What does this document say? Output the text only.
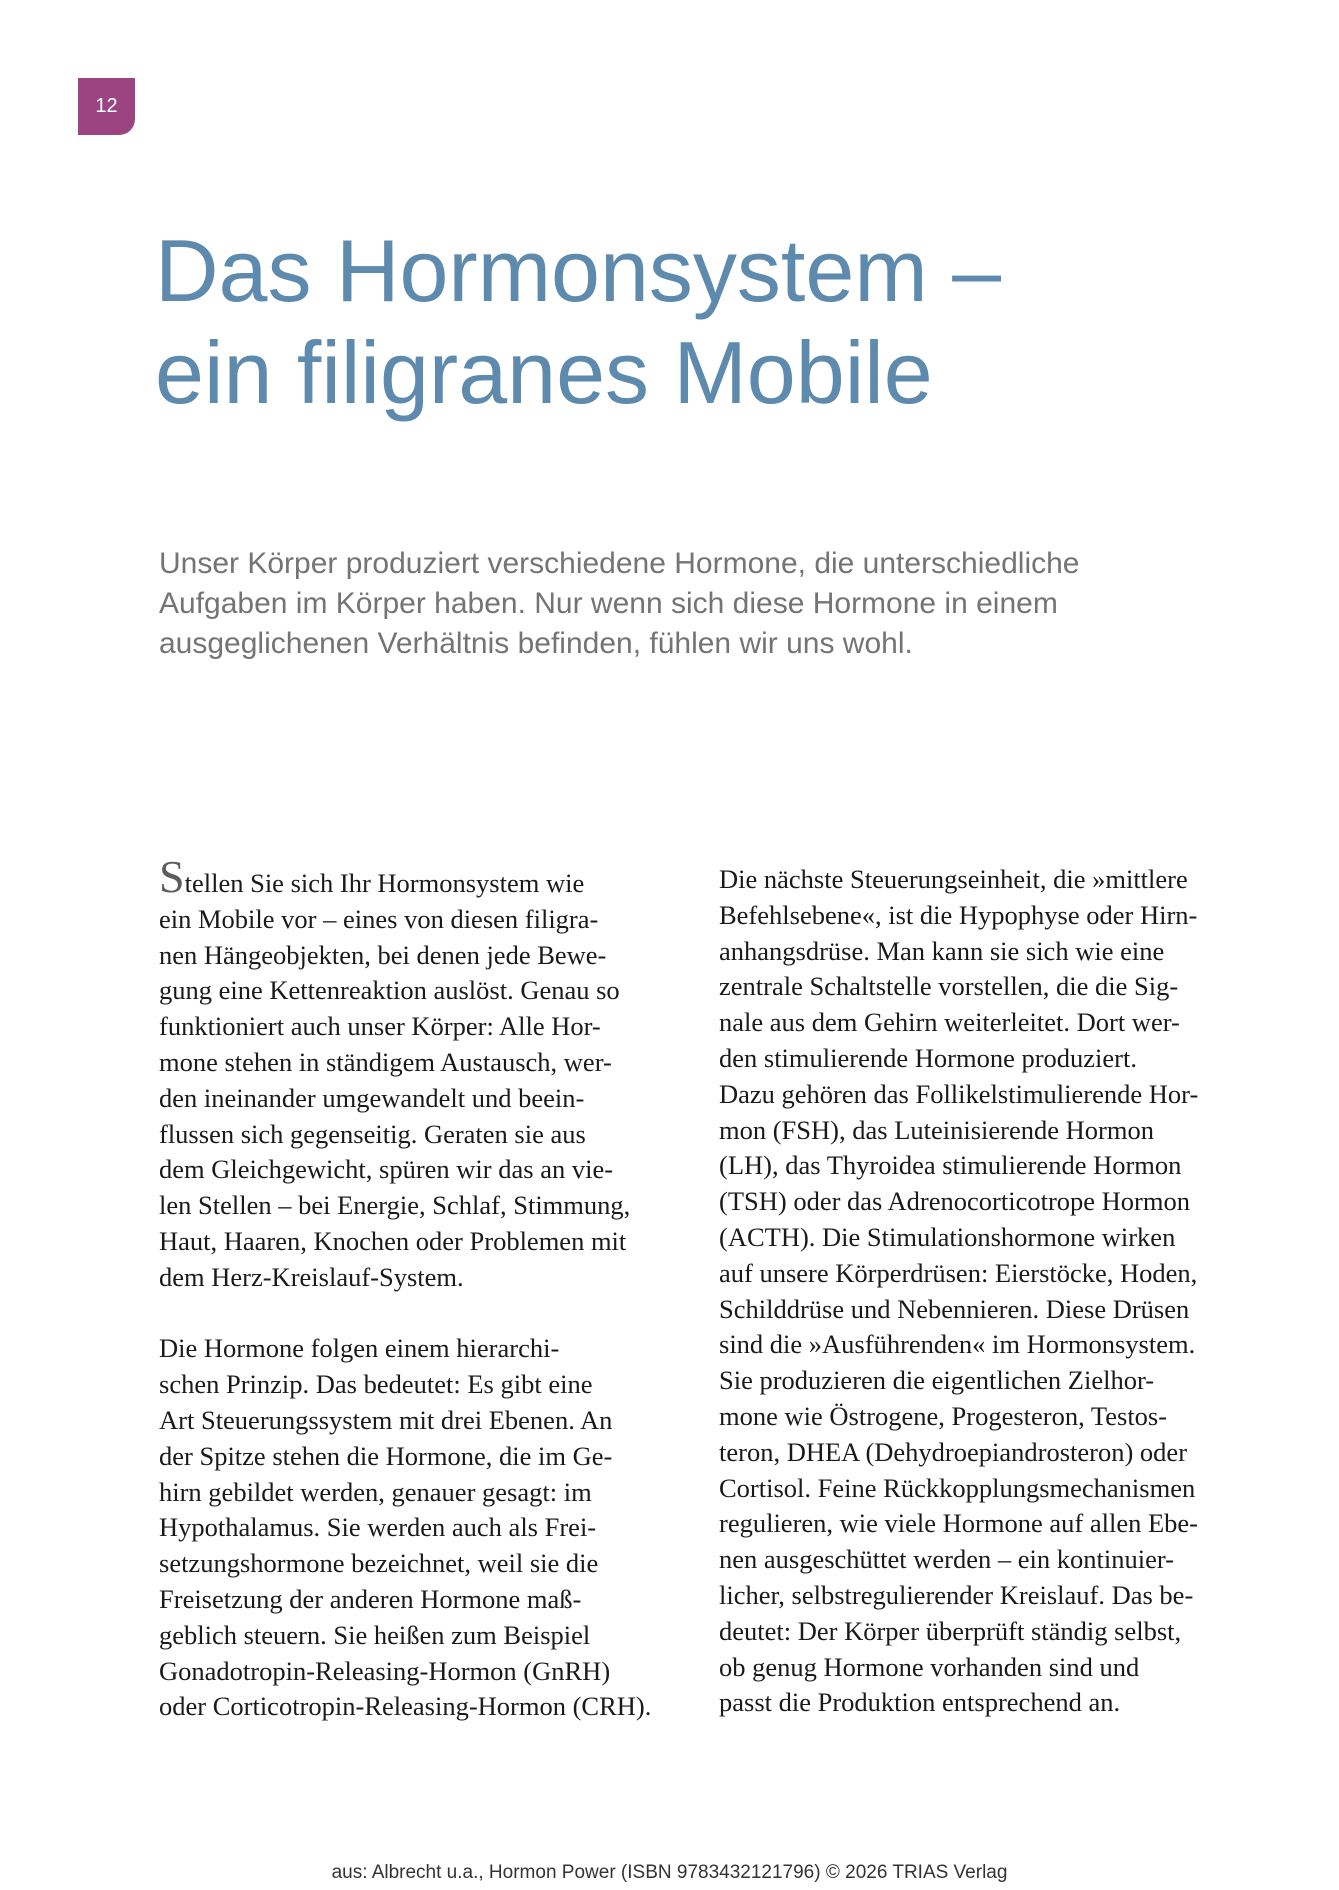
12
Das Hormonsystem –
ein filigranes Mobile

Unser Körper produziert verschiedene Hormone, die unterschiedliche
Aufgaben im Körper haben. Nur wenn sich diese Hormone in einem
ausgeglichenen Verhältnis befinden, fühlen wir uns wohl.

Stellen Sie sich Ihr Hormonsystem wie
ein Mobile vor – eines von diesen filigra-
nen Hängeobjekten, bei denen jede Bewe-
gung eine Kettenreaktion auslöst. Genau so
funktioniert auch unser Körper: Alle Hor-
mone stehen in ständigem Austausch, wer-
den ineinander umgewandelt und beein-
flussen sich gegenseitig. Geraten sie aus
dem Gleichgewicht, spüren wir das an vie-
len Stellen – bei Energie, Schlaf, Stimmung,
Haut, Haaren, Knochen oder Problemen mit
dem Herz-Kreislauf-System.
Die Hormone folgen einem hierarchi-
schen Prinzip. Das bedeutet: Es gibt eine
Art Steuerungssystem mit drei Ebenen. An
der Spitze stehen die Hormone, die im Ge-
hirn gebildet werden, genauer gesagt: im
Hypothalamus. Sie werden auch als Frei-
setzungshormone bezeichnet, weil sie die
Freisetzung der anderen Hormone maß-
geblich steuern. Sie heißen zum Beispiel
Gonadotropin-Releasing-Hormon (GnRH)
oder Corticotropin-Releasing-Hormon (CRH).
Die nächste Steuerungseinheit, die »mittlere
Befehlsebene«, ist die Hypophyse oder Hirn-
anhangsdrüse. Man kann sie sich wie eine
zentrale Schaltstelle vorstellen, die die Sig-
nale aus dem Gehirn weiterleitet. Dort wer-
den stimulierende Hormone produziert.
Dazu gehören das Follikelstimulierende Hor-
mon (FSH), das Luteinisierende Hormon
(LH), das Thyroidea stimulierende Hormon
(TSH) oder das Adrenocorticotrope Hormon
(ACTH). Die Stimulationshormone wirken
auf unsere Körperdrüsen: Eierstöcke, Hoden,
Schilddrüse und Nebennieren. Diese Drüsen
sind die »Ausführenden« im Hormonsystem.
Sie produzieren die eigentlichen Zielhor-
mone wie Östrogene, Progesteron, Testos-
teron, DHEA (Dehydroepiandrosteron) oder
Cortisol. Feine Rückkopplungsmechanismen
regulieren, wie viele Hormone auf allen Ebe-
nen ausgeschüttet werden – ein kontinuier-
licher, selbstregulierender Kreislauf. Das be-
deutet: Der Körper überprüft ständig selbst,
ob genug Hormone vorhanden sind und
passt die Produktion entsprechend an.
aus: Albrecht u.a., Hormon Power (ISBN 9783432121796) © 2026 TRIAS Verlag
